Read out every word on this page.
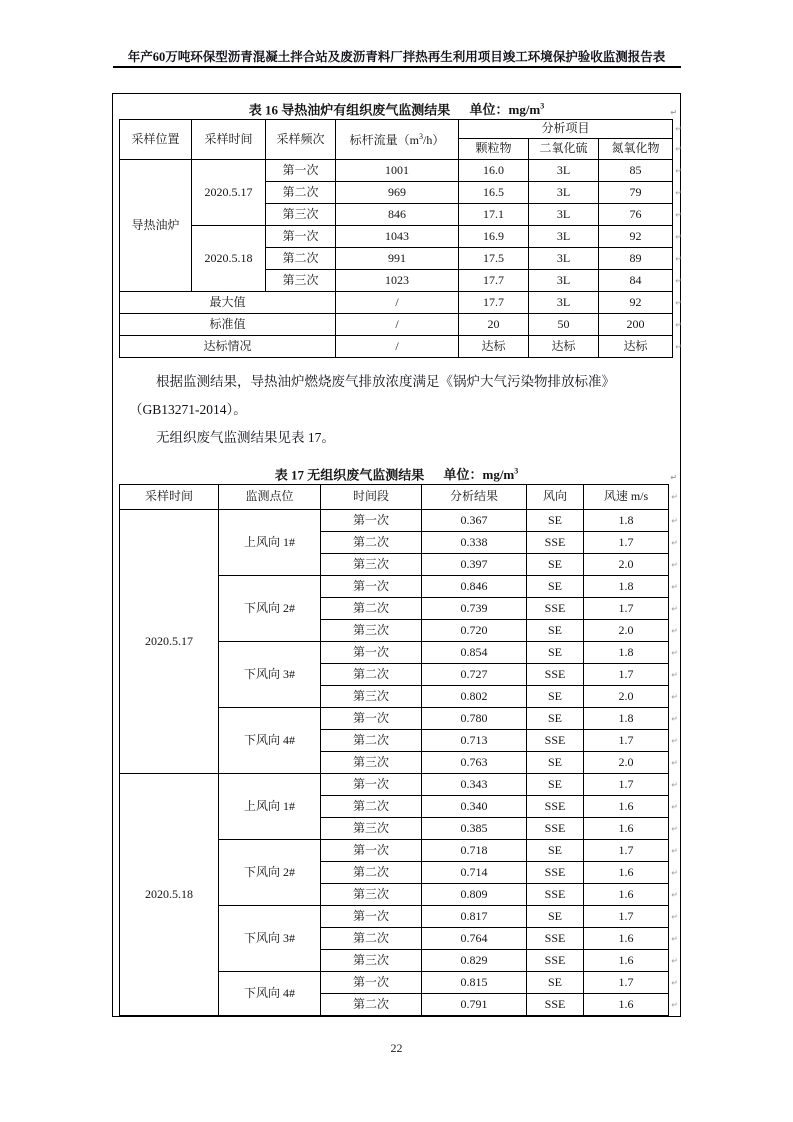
年产60万吨环保型沥青混凝土拌合站及废沥青料厂拌热再生利用项目竣工环境保护验收监测报告表
表 16 导热油炉有组织废气监测结果 单位：$mg/m^3$ ↵
采样位置	采样时间	采样频次	标杆流量$(m^3/h)$	分析项目 ↵
				颗粒物	二氧化硫	氮氧化物 ↵
导热油炉	2020.5.17	第一次	1001	16.0	3L	85 ↵
		第二次	969	16.5	3L	79 ↵
		第三次	846	17.1	3L	76 ↵
	2020.5.18	第一次	1043	16.9	3L	92 ↵
		第二次	991	17.5	3L	89 ↵
		第三次	1023	17.7	3L	84 ↵
最大值			/	17.7	3L	92 ↵
标准值			/	20	50	200 ↵
达标情况			/	达标	达标	达标 ↵

根据监测结果，导热油炉燃烧废气排放浓度满足《锅炉大气污染物排放标准》

（GB13271-2014）。

无组织废气监测结果见表 17。

表 17 无组织废气监测结果 单位：$mg/m^3$ ↵
采样时间	监测点位	时间段	分析结果	风向	风速 m/s ↵
2020.5.17	上风向 1#	第一次	0.367	SE	1.8 ↵
		第二次	0.338	SSE	1.7 ↵
		第三次	0.397	SE	2.0 ↵
	下风向 2#	第一次	0.846	SE	1.8 ↵
		第二次	0.739	SSE	1.7 ↵
		第三次	0.720	SE	2.0 ↵
	下风向 3#	第一次	0.854	SE	1.8 ↵
		第二次	0.727	SSE	1.7 ↵
		第三次	0.802	SE	2.0 ↵
	下风向 4#	第一次	0.780	SE	1.8 ↵
		第二次	0.713	SSE	1.7 ↵
		第三次	0.763	SE	2.0 ↵
2020.5.18	上风向 1#	第一次	0.343	SE	1.7 ↵
		第二次	0.340	SSE	1.6 ↵
		第三次	0.385	SSE	1.6 ↵
	下风向 2#	第一次	0.718	SE	1.7 ↵
		第二次	0.714	SSE	1.6 ↵
		第三次	0.809	SSE	1.6 ↵
	下风向 3#	第一次	0.817	SE	1.7 ↵
		第二次	0.764	SSE	1.6 ↵
		第三次	0.829	SSE	1.6 ↵
	下风向 4#	第一次	0.815	SE	1.7 ↵
		第二次	0.791	SSE	1.6 ↵
22
